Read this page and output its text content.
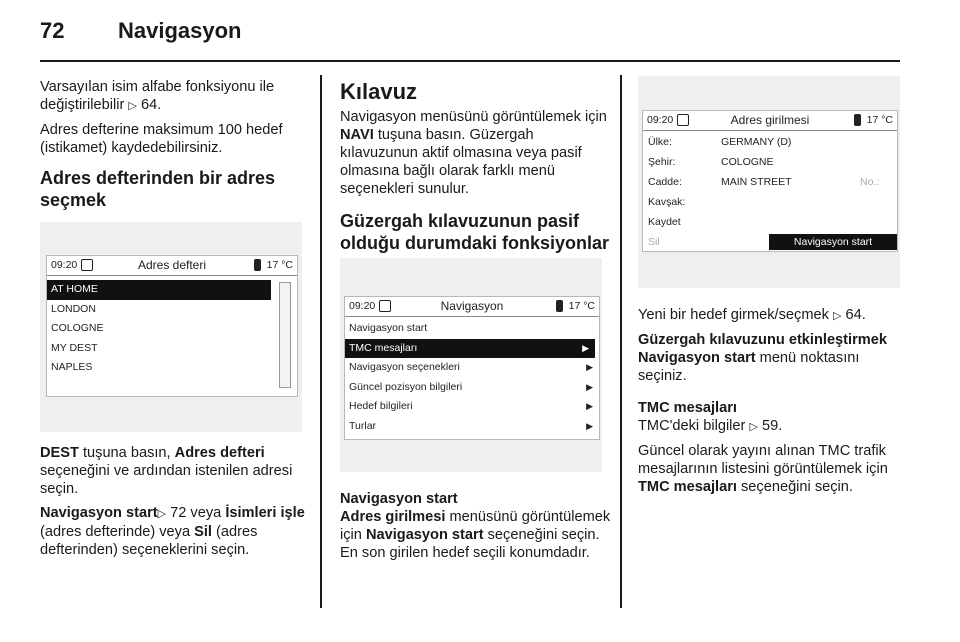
72 Navigasyon

Varsayılan isim alfabe fonksiyonu ile
değiştirilebilir ▷ 64.

Adres defterine maksimum 100 hedef (istikamet) kaydedebilirsiniz.

Adres defterinden bir adres
seçmek
09:20	Adres defteri	17 °C
AT HOME
LONDON
COLOGNE
MY DEST
NAPLES

DEST tuşuna basın, Adres defteri seçeneğini ve ardından istenilen adresi seçin.

Navigasyon start▷ 72 veya İsimleri işle (adres defterinde) veya Sil (adres defterinden) seçeneklerini seçin.

Kılavuz

Navigasyon menüsünü görüntülemek için NAVI tuşuna basın. Güzergah kılavuzunun aktif olmasına veya pasif olmasına bağlı olarak farklı menü seçenekleri sunulur.

Güzergah kılavuzunun pasif
olduğu durumdaki fonksiyonlar
09:20	Navigasyon	17 °C
Navigasyon start
TMC mesajları	▶
Navigasyon seçenekleri	▶
Güncel pozisyon bilgileri	▶
Hedef bilgileri	▶
Turlar	▶
Navigasyon start

Adres girilmesi menüsünü görüntülemek için Navigasyon start seçeneğini seçin. En son girilen hedef seçili konumdadır.

09:20	Adres girilmesi	17 °C
Ülke:	GERMANY (D)
Şehir:	COLOGNE
Cadde:	MAIN STREET	No.:
Kavşak:
Kaydet
Sil	Navigasyon start

Yeni bir hedef girmek/seçmek ▷ 64.

Güzergah kılavuzunu etkinleştirmek Navigasyon start menü noktasını seçiniz.

TMC mesajları

TMC'deki bilgiler ▷ 59.

Güncel olarak yayını alınan TMC trafik mesajlarının listesini görüntülemek için TMC mesajları seçeneğini seçin.
